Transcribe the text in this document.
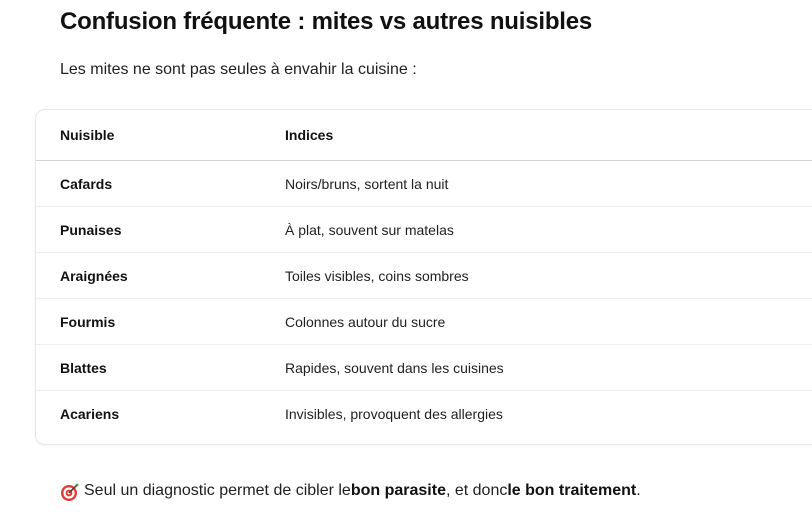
Confusion fréquente : mites vs autres nuisibles

Les mites ne sont pas seules à envahir la cuisine :

Nuisible	Indices
Cafards	Noirs/bruns, sortent la nuit
Punaises	À plat, souvent sur matelas
Araignées	Toiles visibles, coins sombres
Fourmis	Colonnes autour du sucre
Blattes	Rapides, souvent dans les cuisines
Acariens	Invisibles, provoquent des allergies

Seul un diagnostic permet de cibler le bon parasite , et donc le bon traitement .
